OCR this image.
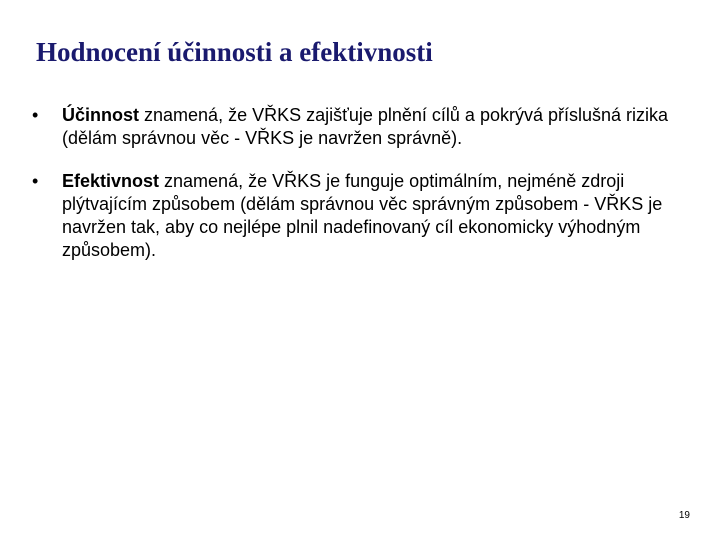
Hodnocení účinnosti a efektivnosti
•	Účinnost znamená, že VŘKS zajišťuje plnění cílů a pokrývá příslušná rizika (dělám správnou věc - VŘKS je navržen správně).
•	Efektivnost znamená, že VŘKS je funguje optimálním, nejméně zdroji plýtvajícím způsobem (dělám správnou věc správným způsobem - VŘKS je navržen tak, aby co nejlépe plnil nadefinovaný cíl ekonomicky výhodným způsobem).
19
